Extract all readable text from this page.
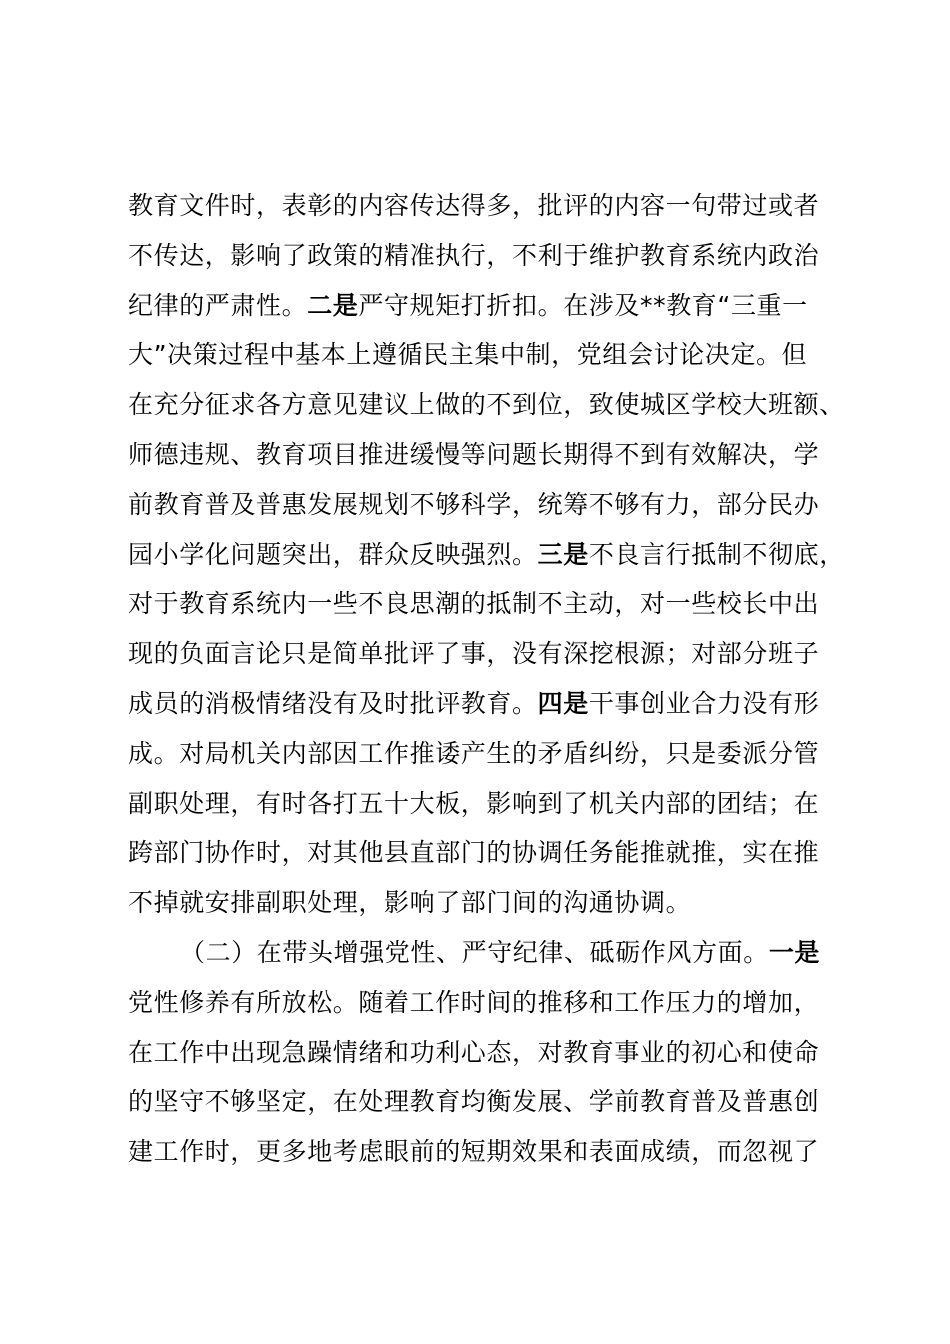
教育文件时，表彰的内容传达得多，批评的内容一句带过或者
不传达，影响了政策的精准执行，不利于维护教育系统内政治
纪律的严肃性。二是严守规矩打折扣。在涉及**教育“三重一
大”决策过程中基本上遵循民主集中制，党组会讨论决定。但
在充分征求各方意见建议上做的不到位，致使城区学校大班额、
师德违规、教育项目推进缓慢等问题长期得不到有效解决，学
前教育普及普惠发展规划不够科学，统筹不够有力，部分民办
园小学化问题突出，群众反映强烈。三是不良言行抵制不彻底，
对于教育系统内一些不良思潮的抵制不主动，对一些校长中出
现的负面言论只是简单批评了事，没有深挖根源；对部分班子
成员的消极情绪没有及时批评教育。四是干事创业合力没有形
成。对局机关内部因工作推诿产生的矛盾纠纷，只是委派分管
副职处理，有时各打五十大板，影响到了机关内部的团结；在
跨部门协作时，对其他县直部门的协调任务能推就推，实在推
不掉就安排副职处理，影响了部门间的沟通协调。
（二）在带头增强党性、严守纪律、砥砺作风方面。一是
党性修养有所放松。随着工作时间的推移和工作压力的增加，
在工作中出现急躁情绪和功利心态，对教育事业的初心和使命
的坚守不够坚定，在处理教育均衡发展、学前教育普及普惠创
建工作时，更多地考虑眼前的短期效果和表面成绩，而忽视了
